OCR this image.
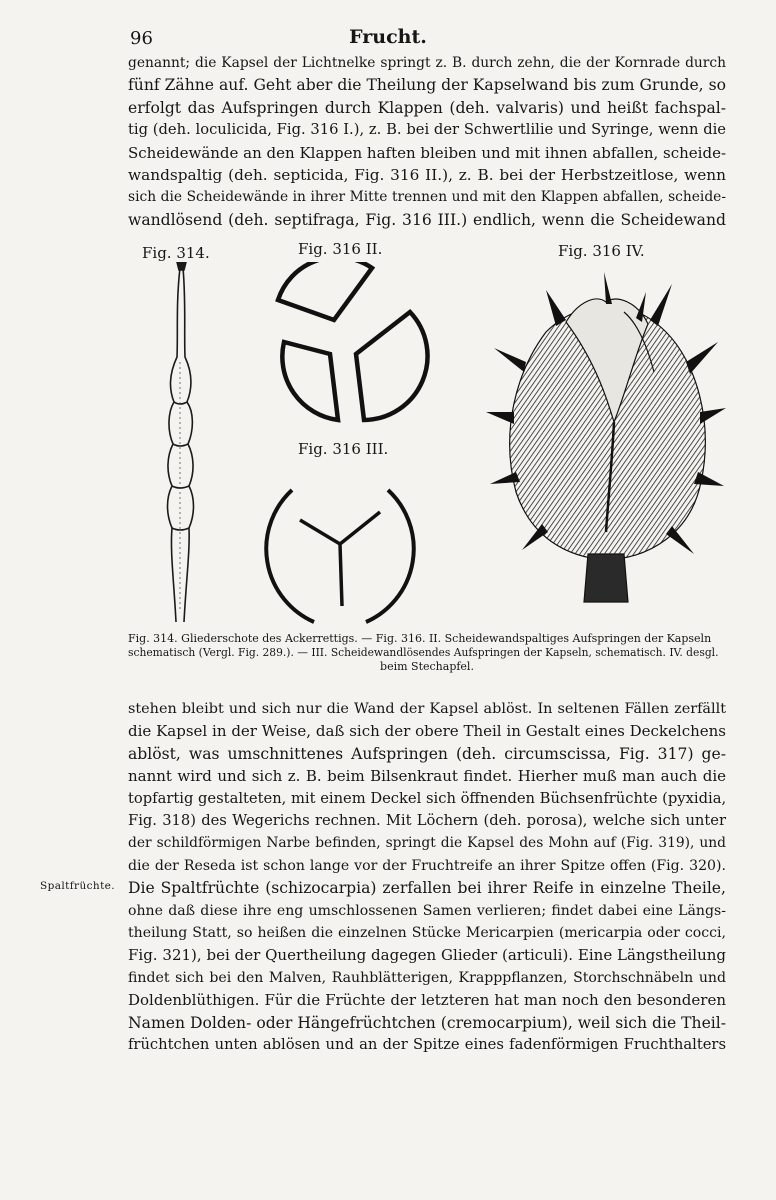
96	Frucht.
genannt; die Kapsel der Lichtnelke springt z. B. durch zehn, die der Kornrade durch
fünf Zähne auf. Geht aber die Theilung der Kapselwand bis zum Grunde, so
erfolgt das Aufspringen durch Klappen (deh. valvaris) und heißt fachspal-
tig (deh. loculicida, Fig. 316 I.), z. B. bei der Schwertlilie und Syringe, wenn die
Scheidewände an den Klappen haften bleiben und mit ihnen abfallen, scheide-
wandspaltig (deh. septicida, Fig. 316 II.), z. B. bei der Herbstzeitlose, wenn
sich die Scheidewände in ihrer Mitte trennen und mit den Klappen abfallen, scheide-
wandlösend (deh. septifraga, Fig. 316 III.) endlich, wenn die Scheidewand
Fig. 314.	Fig. 316 II.
Fig. 316 III.
Fig. 316 IV.
Fig. 314. Gliederschote des Ackerrettigs. — Fig. 316. II. Scheidewandspaltiges Aufspringen der Kapseln
schematisch (Vergl. Fig. 289.). — III. Scheidewandlösendes Aufspringen der Kapseln, schematisch. IV. desgl.
beim Stechapfel.
Spaltfrüchte.
stehen bleibt und sich nur die Wand der Kapsel ablöst. In seltenen Fällen zerfällt
die Kapsel in der Weise, daß sich der obere Theil in Gestalt eines Deckelchens
ablöst, was umschnittenes Aufspringen (deh. circumscissa, Fig. 317) ge-
nannt wird und sich z. B. beim Bilsenkraut findet. Hierher muß man auch die
topfartig gestalteten, mit einem Deckel sich öffnenden Büchsenfrüchte (pyxidia,
Fig. 318) des Wegerichs rechnen. Mit Löchern (deh. porosa), welche sich unter
der schildförmigen Narbe befinden, springt die Kapsel des Mohn auf (Fig. 319), und
die der Reseda ist schon lange vor der Fruchtreife an ihrer Spitze offen (Fig. 320).
Die Spaltfrüchte (schizocarpia) zerfallen bei ihrer Reife in einzelne Theile,
ohne daß diese ihre eng umschlossenen Samen verlieren; findet dabei eine Längs-
theilung Statt, so heißen die einzelnen Stücke Mericarpien (mericarpia oder cocci,
Fig. 321), bei der Quertheilung dagegen Glieder (articuli). Eine Längstheilung
findet sich bei den Malven, Rauhblätterigen, Krapppflanzen, Storchschnäbeln und
Doldenblüthigen. Für die Früchte der letzteren hat man noch den besonderen
Namen Dolden- oder Hängefrüchtchen (cremocarpium), weil sich die Theil-
früchtchen unten ablösen und an der Spitze eines fadenförmigen Fruchthalters
